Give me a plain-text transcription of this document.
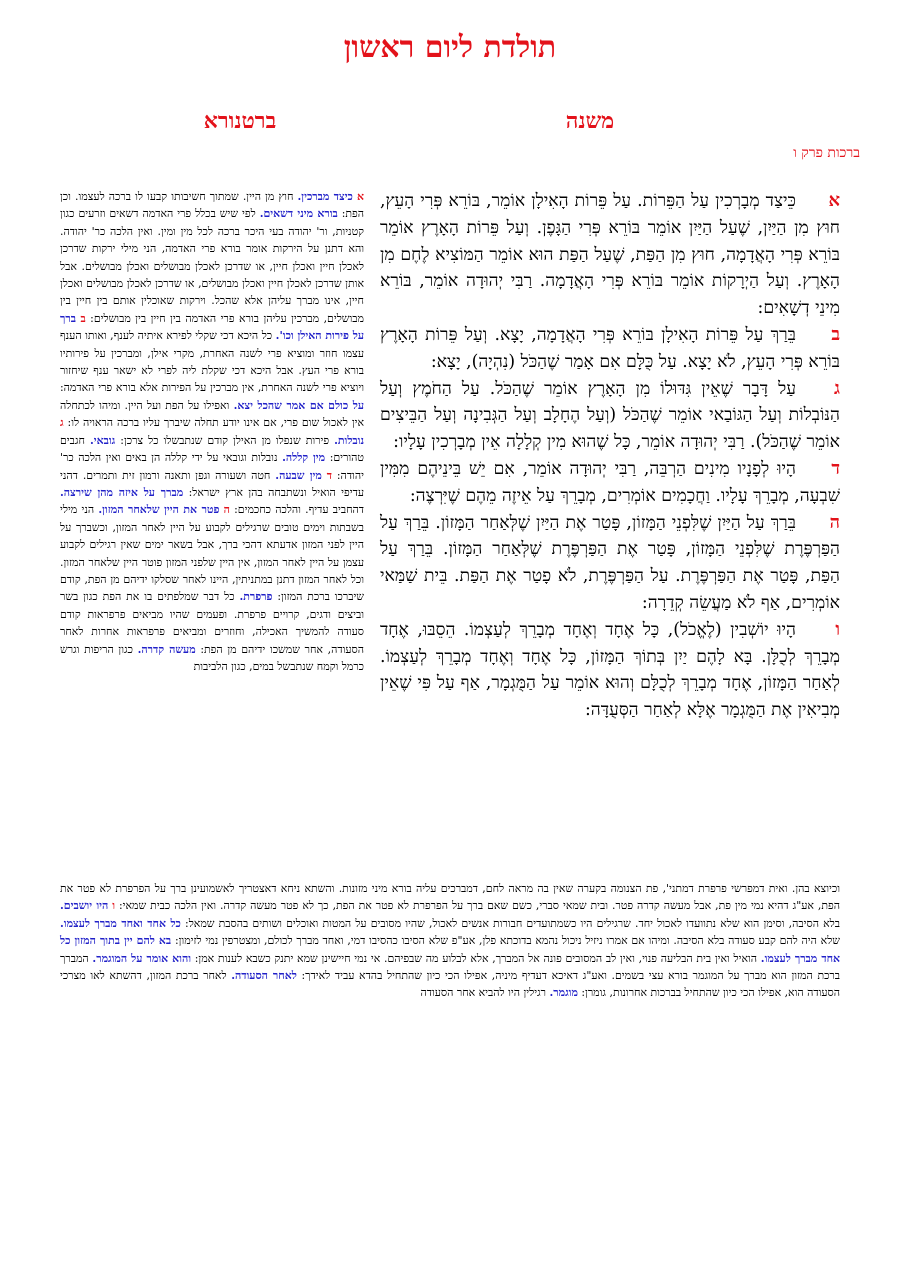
תולדת ליום ראשון
משנה
ברטנורא
ברכות פרק ו
אכֵּיצַד מְבָרְכִין עַל הַפֵּרוֹת. עַל פֵּרוֹת הָאִילָן אוֹמֵר, בּוֹרֵא פְּרִי הָעֵץ, חוּץ מִן הַיַּיִן, שֶׁעַל הַיַּיִן אוֹמֵר בּוֹרֵא פְּרִי הַגָּפֶן. וְעַל פֵּרוֹת הָאָרֶץ אוֹמֵר בּוֹרֵא פְּרִי הָאֲדָמָה, חוּץ מִן הַפַּת, שֶׁעַל הַפַּת הוּא אוֹמֵר הַמּוֹצִיא לֶחֶם מִן הָאָרֶץ. וְעַל הַיְרָקוֹת אוֹמֵר בּוֹרֵא פְּרִי הָאֲדָמָה. רַבִּי יְהוּדָה אוֹמֵר, בּוֹרֵא מִינֵי דְשָׁאִים:
בבֵּרַךְ עַל פֵּרוֹת הָאִילָן בּוֹרֵא פְּרִי הָאֲדָמָה, יָצָא. וְעַל פֵּרוֹת הָאָרֶץ בּוֹרֵא פְּרִי הָעֵץ, לֹא יָצָא. עַל כֻּלָּם אִם אָמַר שֶׁהַכֹּל (נִהְיָה), יָצָא:
געַל דָּבָר שֶׁאֵין גִּדּוּלוֹ מִן הָאָרֶץ אוֹמֵר שֶׁהַכֹּל. עַל הַחֹמֶץ וְעַל הַנּוֹבְלוֹת וְעַל הַגּוֹבַאי אוֹמֵר שֶׁהַכֹּל (וְעַל הֶחָלָב וְעַל הַגְּבִינָה וְעַל הַבֵּיצִים אוֹמֵר שֶׁהַכֹּל). רַבִּי יְהוּדָה אוֹמֵר, כָּל שֶׁהוּא מִין קְלָלָה אֵין מְבָרְכִין עָלָיו:
דהָיוּ לְפָנָיו מִינִים הַרְבֵּה, רַבִּי יְהוּדָה אוֹמֵר, אִם יֵשׁ בֵּינֵיהֶם מִמִּין שִׁבְעָה, מְבָרֵךְ עָלָיו. וַחֲכָמִים אוֹמְרִים, מְבָרֵךְ עַל אֵיזֶה מֵהֶם שֶׁיִּרְצֶה:
הבֵּרַךְ עַל הַיַּיִן שֶׁלִּפְנֵי הַמָּזוֹן, פָּטַר אֶת הַיַּיִן שֶׁלְּאַחַר הַמָּזוֹן. בֵּרַךְ עַל הַפַּרְפֶּרֶת שֶׁלִּפְנֵי הַמָּזוֹן, פָּטַר אֶת הַפַּרְפֶּרֶת שֶׁלְּאַחַר הַמָּזוֹן. בֵּרַךְ עַל הַפַּת, פָּטַר אֶת הַפַּרְפֶּרֶת. עַל הַפַּרְפֶּרֶת, לֹא פָטַר אֶת הַפַּת. בֵּית שַׁמַּאי אוֹמְרִים, אַף לֹא מַעֲשֵׂה קְדֵרָה:
והָיוּ יוֹשְׁבִין (לֶאֱכֹל), כָּל אֶחָד וְאֶחָד מְבָרֵךְ לְעַצְמוֹ. הֵסֵבּוּ, אֶחָד מְבָרֵךְ לְכֻלָּן. בָּא לָהֶם יַיִן בְּתוֹךְ הַמָּזוֹן, כָּל אֶחָד וְאֶחָד מְבָרֵךְ לְעַצְמוֹ. לְאַחַר הַמָּזוֹן, אֶחָד מְבָרֵךְ לְכֻלָּם וְהוּא אוֹמֵר עַל הַמֻּגְמָר, אַף עַל פִּי שֶׁאֵין מְבִיאִין אֶת הַמֻּגְמָר אֶלָּא לְאַחַר הַסְּעֻדָּה:
א כיצד מברכין. חוץ מן היין. שמתוך חשיבותו קבעו לו ברכה לעצמו. וכן הפת: בורא מיני דשאים. לפי שיש בכלל פרי האדמה דשאים וזרעים כגון קטניות, ור' יהודה בעי היכר ברכה לכל מין ומין. ואין הלכה כר' יהודה. והא דתנן על הירקות אומר בורא פרי האדמה, הני מילי ירקות שדרכן לאכלן חיין ואכלן חיין, או שדרכן לאכלן מבושלים ואכלן מבושלים. אבל אותן שדרכן לאכלן חיין ואכלן מבושלים, או שדרכן לאכלן מבושלים ואכלן חיין, אינו מברך עליהן אלא שהכל. וירקות שאוכלין אותם בין חיין בין מבושלים, מברכין עליהן בורא פרי האדמה בין חיין בין מבושלים: ב ברך על פירות האילן וכו'. כל היכא דכי שקלי לפירא איתיה לענף, ואותו הענף עצמו חוזר ומוציא פרי לשנה האחרת, מקרי אילן, ומברכין על פירותיו בורא פרי העץ. אבל היכא דכי שקלת ליה לפרי לא ישאר ענף שיחזור ויוציא פרי לשנה האחרת, אין מברכין על הפירות אלא בורא פרי האדמה: על כולם אם אמר שהכל יצא. ואפילו על הפת ועל היין. ומיהו לכתחלה אין לאכול שום פרי, אם אינו יודע תחלה שיברך עליו ברכה הראויה לו: ג נובלות. פירות שנפלו מן האילן קודם שנתבשלו כל צרכן: גובאי. חגבים טהורים: מין קללה. נובלות וגובאי על ידי קללה הן באים ואין הלכה כר' יהודה: ד מין שבעה. חטה ושעורה וגפן ותאנה ורמון זית ותמרים. דהני עדיפי הואיל ונשתבחה בהן ארץ ישראל: מברך על איזה מהן שירצה. דהחביב עדיף. והלכה כחכמים: ה פטר את היין שלאחר המזון. הני מילי בשבתות וימים טובים שרגילים לקבוע על היין לאחר המזון, וכשברך על היין לפני המזון אדעתא דהכי ברך, אבל בשאר ימים שאין רגילים לקבוע עצמן על היין לאחר המזון, אין היין שלפני המזון פוטר היין שלאחר המזון. וכל לאחר המזון דתנן במתניתין, היינו לאחר שסלקו ידיהם מן הפת, קודם שיברכו ברכת המזון: פרפרת. כל דבר שמלפתים בו את הפת כגון בשר וביצים ודגים, קרויים פרפרת. ופעמים שהיו מביאים פרפראות קודם סעודה להמשיך האכילה, וחוזרים ומביאים פרפראות אחרות לאחר הסעודה, אחר שמשכו ידיהם מן הפת: מעשה קדרה. כגון הריפות וגרש כרמל וקמח שנתבשל במים, כגון הלביבות
וכיוצא בהן. ואית דמפרשי פרפרת דמתני', פת הצנומה בקערה שאין בה מראה לחם, דמברכים עליה בורא מיני מזונות. והשתא ניחא דאצטריך לאשמועינן ברך על הפרפרת לא פטר את הפת, אע"ג דהיא נמי מין פת, אבל מעשה קדרה פטר. ובית שמאי סברי, כשם שאם ברך על הפרפרת לא פטר את הפת, כך לא פטר מעשה קדרה. ואין הלכה כבית שמאי: ו היו יושבים. בלא הסיבה, וסימן הוא שלא נתוועדו לאכול יחד. שרגילים היו כשמתועדים חבורות אנשים לאכול, שהיו מסובים על המטות ואוכלים ושותים בהסבת שמאל: כל אחד ואחד מברך לעצמו. שלא היה להם קבע סעודה בלא הסיבה. ומיהו אם אמרו ניזיל ניכול נהמא בדוכתא פלן, אע"פ שלא הסיבו כהסיבו דמי, ואחד מברך לכולם, ומצטרפין נמי לזימון: בא להם יין בתוך המזון כל אחד מברך לעצמו. הואיל ואין בית הבליעה פנוי, ואין לב המסובים פונה אל המברך, אלא לבלוע מה שבפיהם. אי נמי חיישינן שמא יתנק כשבא לענות אמן: והוא אומר על המוגמר. המברך ברכת המזון הוא מברך על המוגמר בורא עצי בשמים. ואע"ג דאיכא דעדיף מיניה, אפילו הכי כיון שהתחיל בהדא עביד לאידך: לאחר הסעודה. לאחר ברכת המזון, דהשתא לאו מצרכי הסעודה הוא, אפילו הכי כיון שהתחיל בברכות אחרונות, גומרן: מוגמר. רגילין היו להביא אחר הסעודה
